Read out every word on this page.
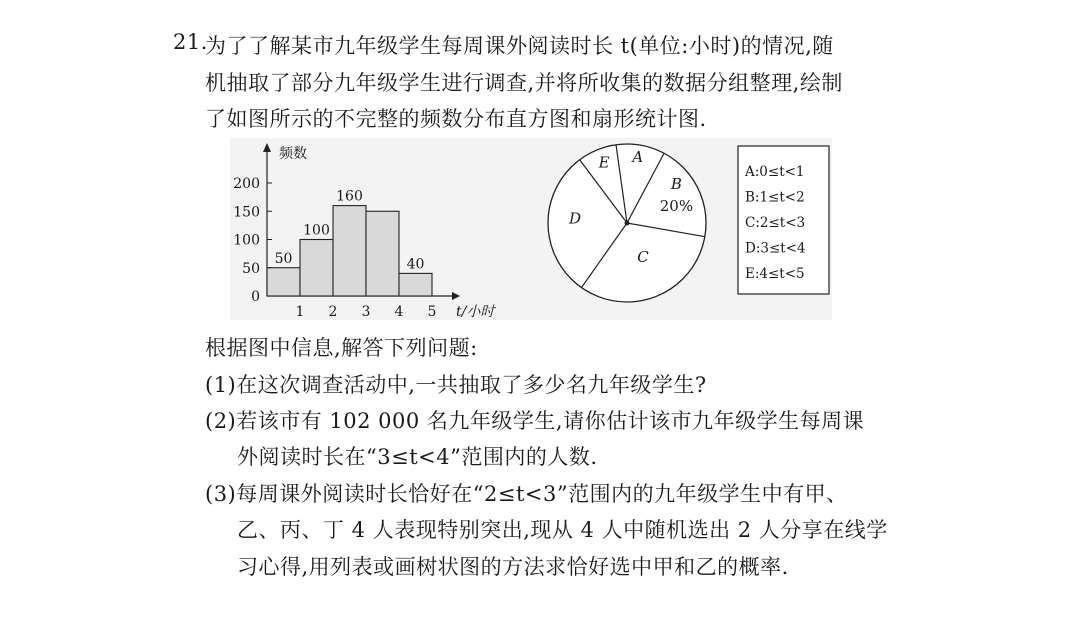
21.
为了了解某市九年级学生每周课外阅读时长 t(单位:小时)的情况,随
机抽取了部分九年级学生进行调查,并将所收集的数据分组整理,绘制
了如图所示的不完整的频数分布直方图和扇形统计图.
频数
0
50
100
150
200
50
100
160
40
1 2 3 4 5 t/小时
A
B
20%
C
D
E
A:0≤t<1
B:1≤t<2
C:2≤t<3
D:3≤t<4
E:4≤t<5
根据图中信息,解答下列问题:
(1)在这次调查活动中,一共抽取了多少名九年级学生?
(2)若该市有 102 000 名九年级学生,请你估计该市九年级学生每周课
外阅读时长在“3≤t<4”范围内的人数.
(3)每周课外阅读时长恰好在“2≤t<3”范围内的九年级学生中有甲、
乙、丙、丁 4 人表现特别突出,现从 4 人中随机选出 2 人分享在线学
习心得,用列表或画树状图的方法求恰好选中甲和乙的概率.
